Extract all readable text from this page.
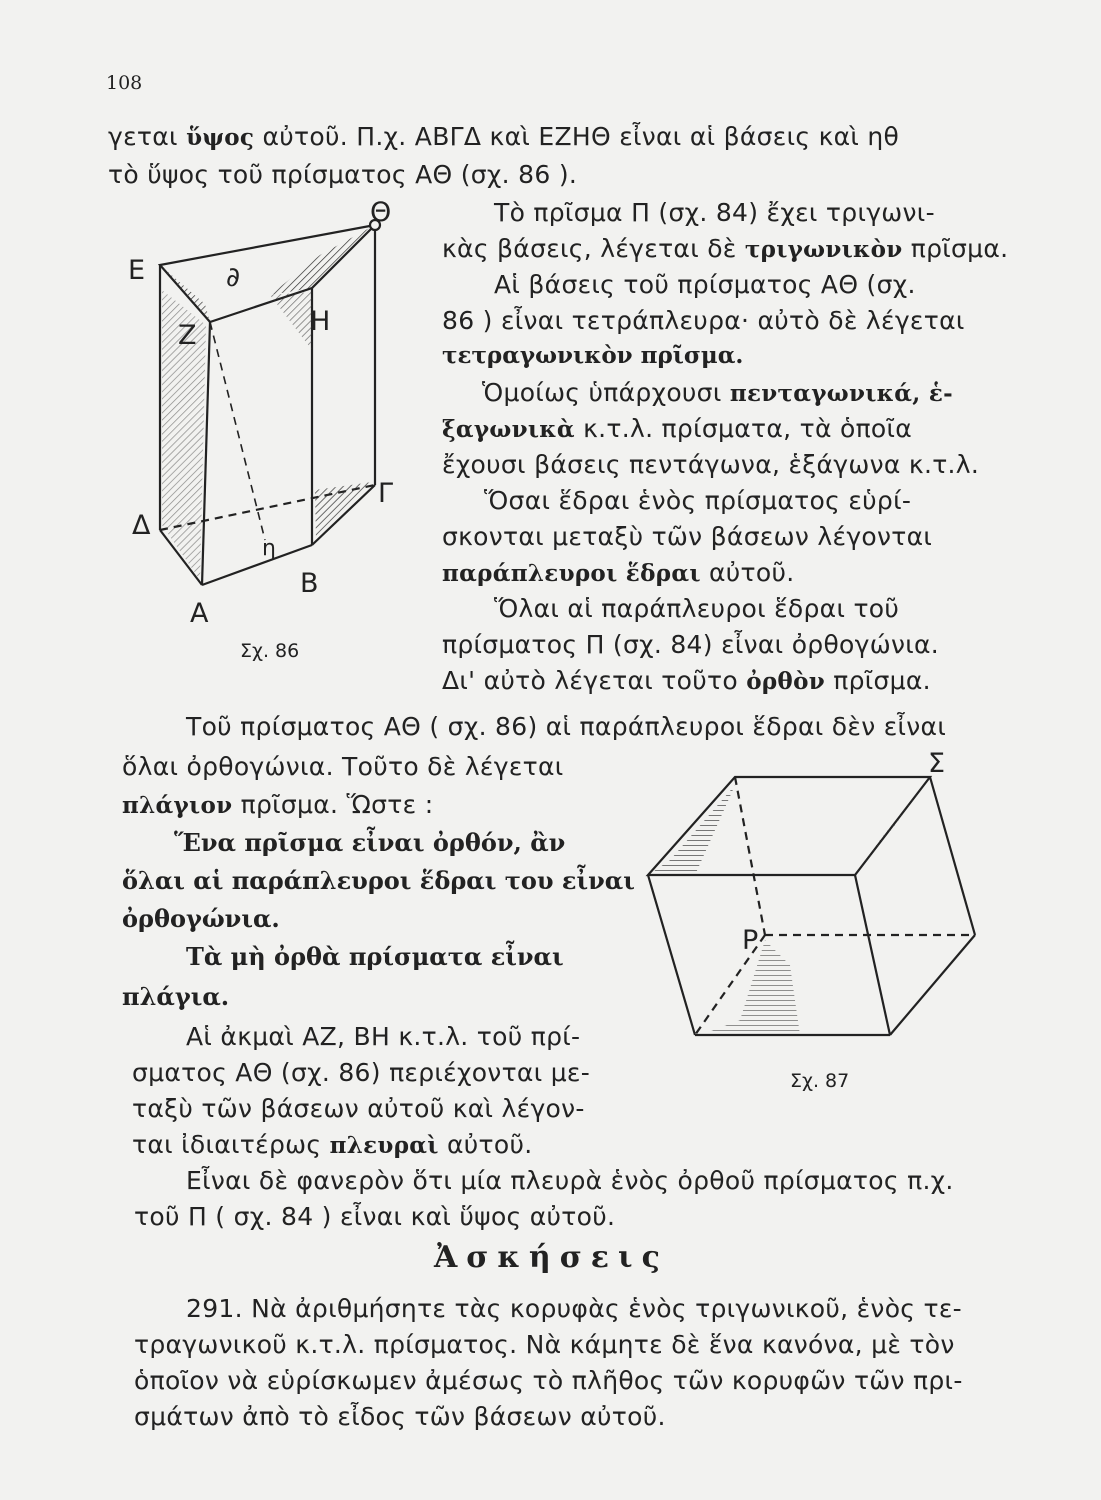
108
γεται ὕψος αὐτοῦ. Π.χ. ΑΒΓΔ καὶ ΕΖΗΘ εἶναι αἱ βάσεις καὶ ηθ
τὸ ὕψος τοῦ πρίσματος ΑΘ (σχ. 86 ).
Τὸ πρῖσμα Π (σχ. 84) ἔχει τριγωνι-
κὰς βάσεις, λέγεται δὲ τριγωνικὸν πρῖσμα.
Αἱ βάσεις τοῦ πρίσματος ΑΘ (σχ.
86 ) εἶναι τετράπλευρα· αὐτὸ δὲ λέγεται
τετραγωνικὸν πρῖσμα.
Ὁμοίως ὑπάρχουσι πενταγωνικά, ἑ-
ξαγωνικὰ κ.τ.λ. πρίσματα, τὰ ὁποῖα
ἔχουσι βάσεις πεντάγωνα, ἑξάγωνα κ.τ.λ.
Ὅσαι ἕδραι ἑνὸς πρίσματος εὑρί-
σκονται μεταξὺ τῶν βάσεων λέγονται
παράπλευροι ἕδραι αὐτοῦ.
Ὅλαι αἱ παράπλευροι ἕδραι τοῦ
πρίσματος Π (σχ. 84) εἶναι ὀρθογώνια.
Δι' αὐτὸ λέγεται τοῦτο ὀρθὸν πρῖσμα.
Ε	∂
Θ
Ζ	Η
Γ
Δ
η
Β
Α
Σχ. 86
Τοῦ πρίσματος ΑΘ ( σχ. 86) αἱ παράπλευροι ἕδραι δὲν εἶναι
ὅλαι ὀρθογώνια. Τοῦτο δὲ λέγεται
πλάγιον πρῖσμα. Ὥστε :
Ἕνα πρῖσμα εἶναι ὀρθόν, ἂν
ὅλαι αἱ παράπλευροι ἕδραι του εἶναι
ὀρθογώνια.
Τὰ μὴ ὀρθὰ πρίσματα εἶναι
πλάγια.
Αἱ ἀκμαὶ ΑΖ, ΒΗ κ.τ.λ. τοῦ πρί-
σματος ΑΘ (σχ. 86) περιέχονται με-
ταξὺ τῶν βάσεων αὐτοῦ καὶ λέγον-
ται ἰδιαιτέρως πλευραὶ αὐτοῦ.
Σ
Ρ
Σχ. 87
Εἶναι δὲ φανερὸν ὅτι μία πλευρὰ ἑνὸς ὀρθοῦ πρίσματος π.χ.
τοῦ Π ( σχ. 84 ) εἶναι καὶ ὕψος αὐτοῦ.
Ἀσκήσεις
291. Νὰ ἀριθμήσητε τὰς κορυφὰς ἑνὸς τριγωνικοῦ, ἑνὸς τε-
τραγωνικοῦ κ.τ.λ. πρίσματος. Νὰ κάμητε δὲ ἕνα κανόνα, μὲ τὸν
ὁποῖον νὰ εὑρίσκωμεν ἀμέσως τὸ πλῆθος τῶν κορυφῶν τῶν πρι-
σμάτων ἀπὸ τὸ εἶδος τῶν βάσεων αὐτοῦ.
